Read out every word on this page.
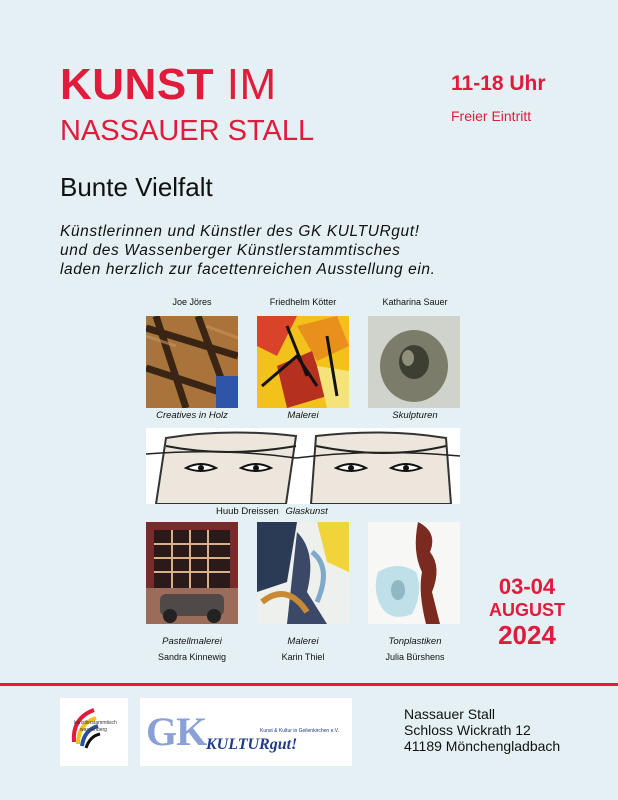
KUNST IM
NASSAUER STALL
11-18 Uhr
Freier Eintritt
Bunte Vielfalt
Künstlerinnen und Künstler des GK KULTURgut!
und des Wassenberger Künstlerstammtisches
laden herzlich zur facettenreichen Ausstellung ein.
Joe Jöres	Friedhelm Kötter	Katharina Sauer
Creatives in Holz	Malerei	Skulpturen
Huub Dreissen Glaskunst
Pastellmalerei	Malerei	Tonplastiken
Sandra Kinnewig	Karin Thiel	Julia Bürshens
03-04
AUGUST
2024
künstlerstammtisch
wassenberg GK KULTURgut!
Kunst & Kultur in Geilenkirchen e.V.
Nassauer Stall
Schloss Wickrath 12
41189 Mönchengladbach
